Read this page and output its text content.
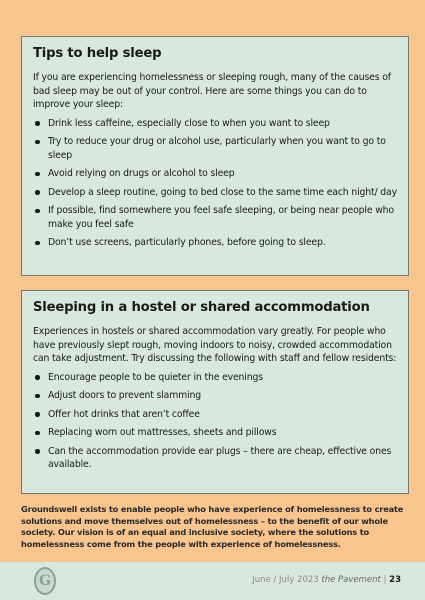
Tips to help sleep

If you are experiencing homelessness or sleeping rough, many of the causes of bad sleep may be out of your control. Here are some things you can do to improve your sleep:

Drink less caffeine, especially close to when you want to sleep
Try to reduce your drug or alcohol use, particularly when you want to go to sleep
Avoid relying on drugs or alcohol to sleep
Develop a sleep routine, going to bed close to the same time each night/ day
If possible, find somewhere you feel safe sleeping, or being near people who make you feel safe
Don’t use screens, particularly phones, before going to sleep.
Sleeping in a hostel or shared accommodation

Experiences in hostels or shared accommodation vary greatly. For people who have previously slept rough, moving indoors to noisy, crowded accommodation can take adjustment. Try discussing the following with staff and fellow residents:

Encourage people to be quieter in the evenings
Adjust doors to prevent slamming
Offer hot drinks that aren’t coffee
Replacing worn out mattresses, sheets and pillows
Can the accommodation provide ear plugs – there are cheap, effective ones available.

Groundswell exists to enable people who have experience of homelessness to create solutions and move themselves out of homelessness – to the benefit of our whole society. Our vision is of an equal and inclusive society, where the solutions to homelessness come from the people with experience of homelessness.

G	June / July 2023 the Pavement | 23
